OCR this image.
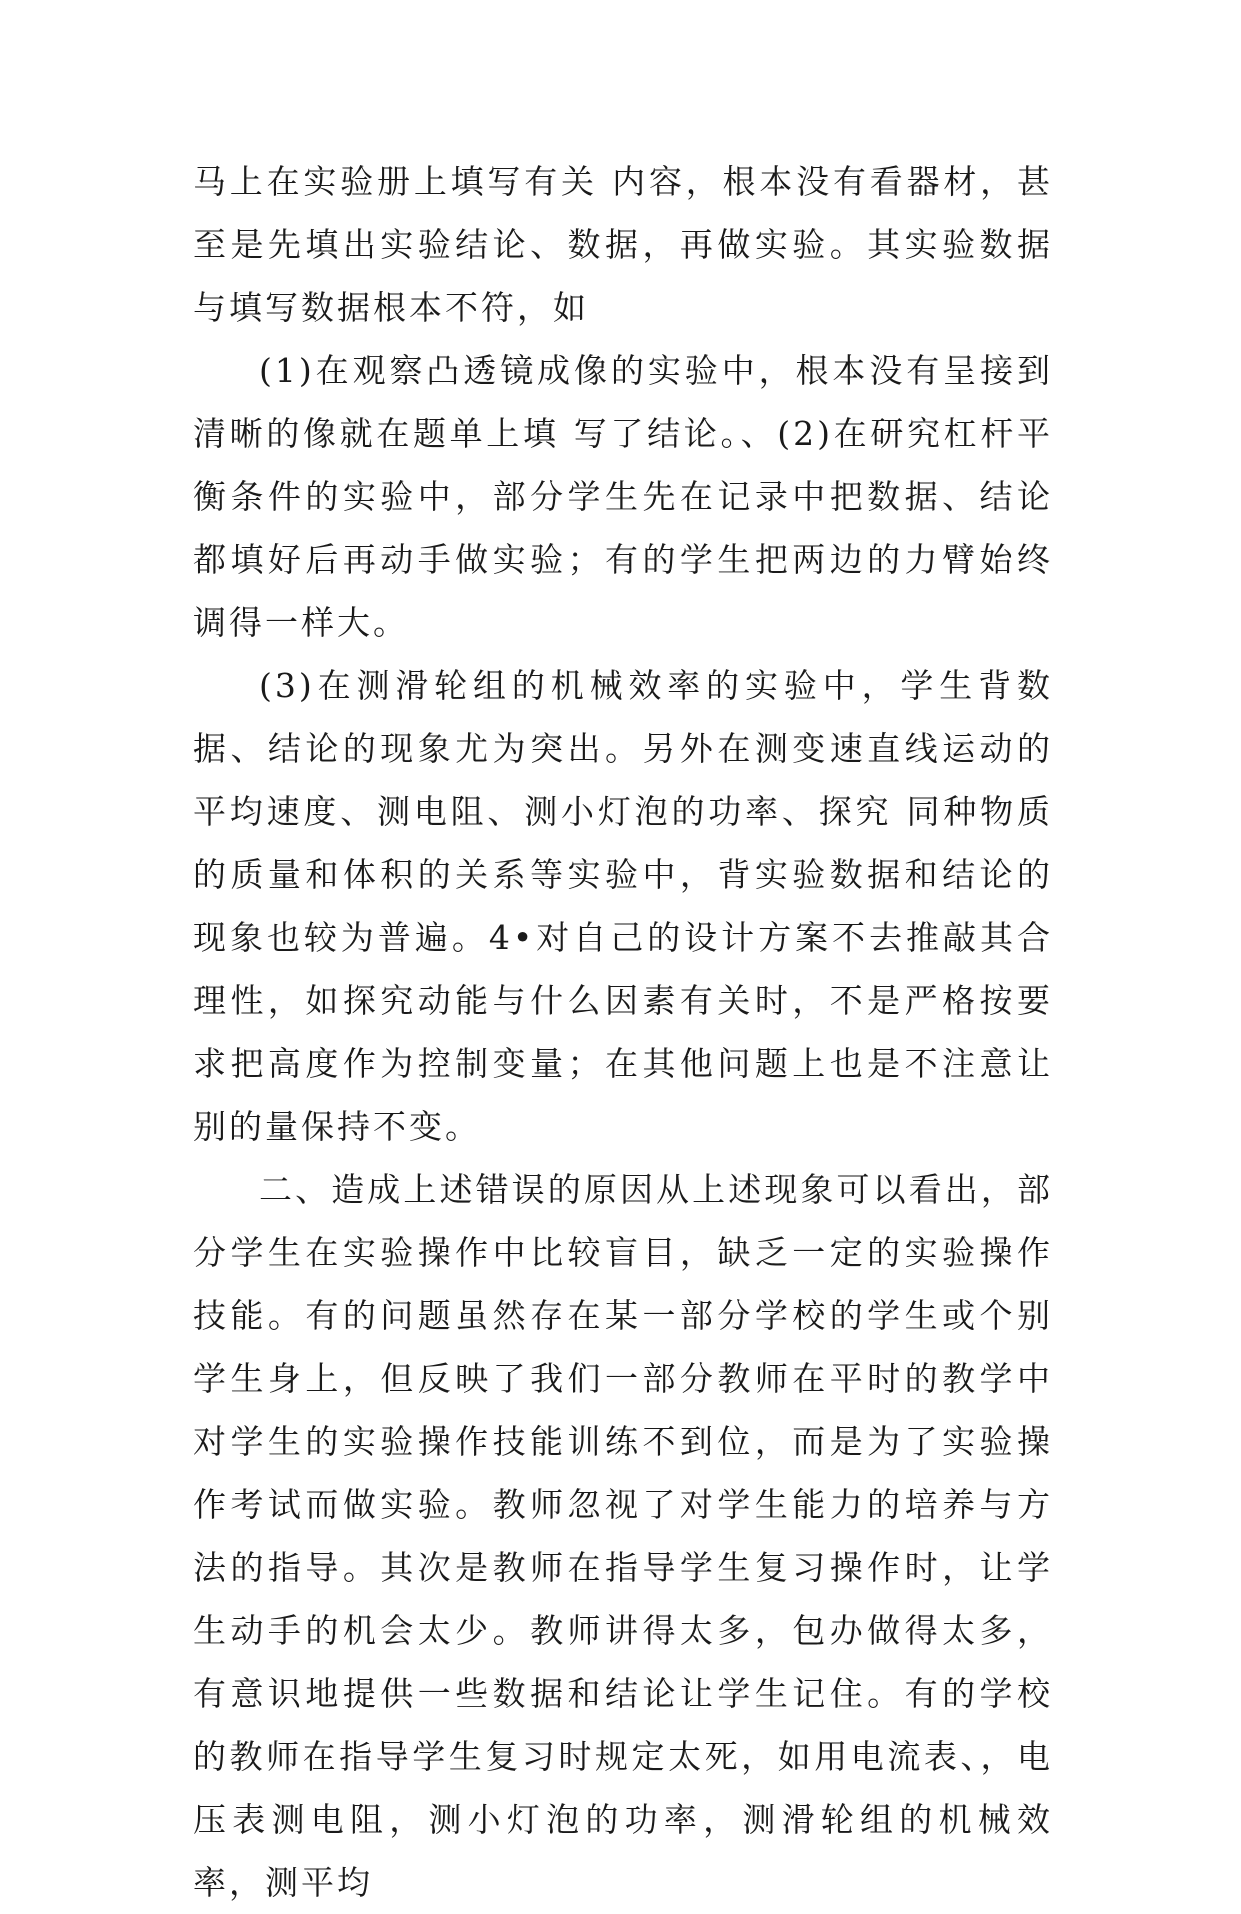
马上在实验册上填写有关 内容，根本没有看器材，甚至是先填出实验结论、数据，再做实验。其实验数据与填写数据根本不符，如

(1)在观察凸透镜成像的实验中，根本没有呈接到清晰的像就在题单上填 写了结论。、(2)在研究杠杆平衡条件的实验中，部分学生先在记录中把数据、结论都填好后再动手做实验；有的学生把两边的力臂始终调得一样大。

(3)在测滑轮组的机械效率的实验中，学生背数据、结论的现象尤为突出。另外在测变速直线运动的平均速度、测电阻、测小灯泡的功率、探究 同种物质的质量和体积的关系等实验中，背实验数据和结论的现象也较为普遍。4•对自己的设计方案不去推敲其合理性，如探究动能与什么因素有关时，不是严格按要求把高度作为控制变量；在其他问题上也是不注意让别的量保持不变。

二、造成上述错误的原因从上述现象可以看出，部分学生在实验操作中比较盲目，缺乏一定的实验操作技能。有的问题虽然存在某一部分学校的学生或个别学生身上，但反映了我们一部分教师在平时的教学中对学生的实验操作技能训练不到位，而是为了实验操作考试而做实验。教师忽视了对学生能力的培养与方法的指导。其次是教师在指导学生复习操作时，让学生动手的机会太少。教师讲得太多，包办做得太多，有意识地提供一些数据和结论让学生记住。有的学校的教师在指导学生复习时规定太死，如用电流表、，电压表测电阻，测小灯泡的功率，测滑轮组的机械效率，测平均
